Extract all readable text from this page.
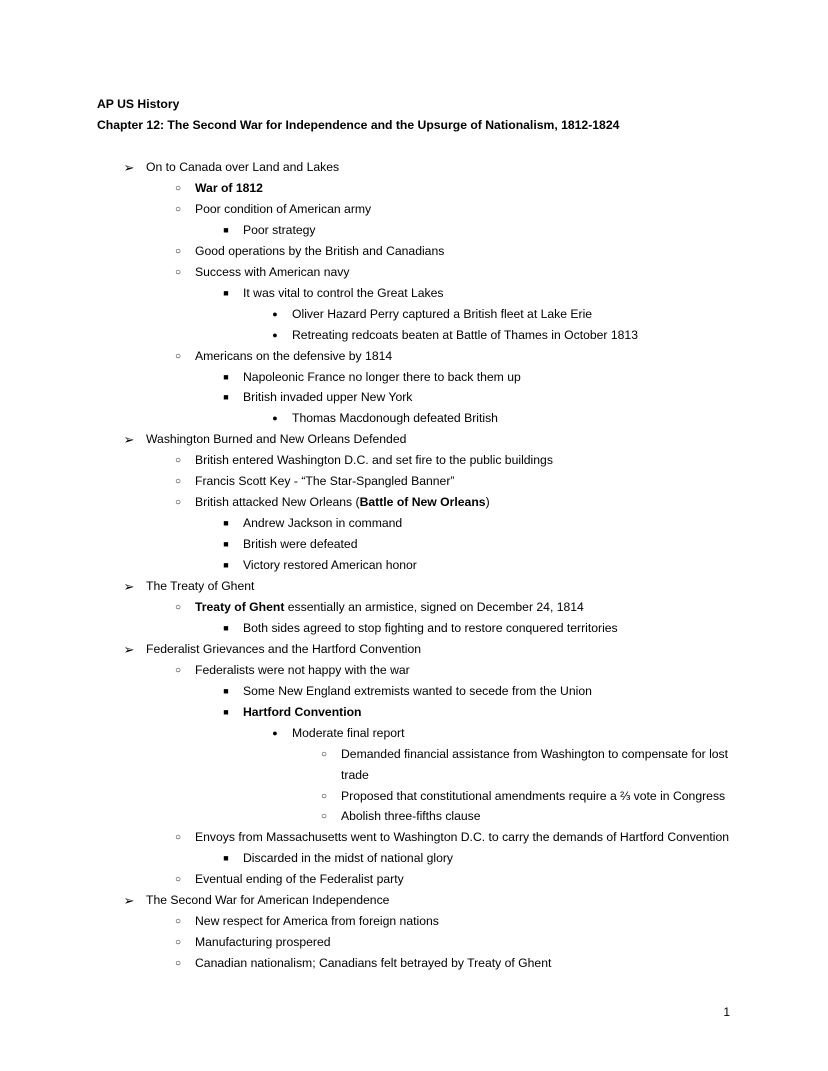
AP US History
Chapter 12: The Second War for Independence and the Upsurge of Nationalism, 1812-1824
➢ On to Canada over Land and Lakes
○	War of 1812
○	Poor condition of American army
■	Poor strategy
○	Good operations by the British and Canadians
○	Success with American navy
■	It was vital to control the Great Lakes
●	Oliver Hazard Perry captured a British fleet at Lake Erie
●	Retreating redcoats beaten at Battle of Thames in October 1813
○	Americans on the defensive by 1814
■	Napoleonic France no longer there to back them up
■	British invaded upper New York
●	Thomas Macdonough defeated British
➢ Washington Burned and New Orleans Defended
○	British entered Washington D.C. and set fire to the public buildings
○	Francis Scott Key - “The Star-Spangled Banner”
○	British attacked New Orleans (Battle of New Orleans)
■	Andrew Jackson in command
■	British were defeated
■	Victory restored American honor
➢ The Treaty of Ghent
○	Treaty of Ghent essentially an armistice, signed on December 24, 1814
■	Both sides agreed to stop fighting and to restore conquered territories
➢ Federalist Grievances and the Hartford Convention
○	Federalists were not happy with the war
■	Some New England extremists wanted to secede from the Union
■	Hartford Convention
●	Moderate final report
○	Demanded financial assistance from Washington to compensate for lost
trade
○	Proposed that constitutional amendments require a ⅔ vote in Congress
○	Abolish three-fifths clause
○	Envoys from Massachusetts went to Washington D.C. to carry the demands of Hartford Convention
■	Discarded in the midst of national glory
○	Eventual ending of the Federalist party
➢ The Second War for American Independence
○	New respect for America from foreign nations
○	Manufacturing prospered
○	Canadian nationalism; Canadians felt betrayed by Treaty of Ghent
1
